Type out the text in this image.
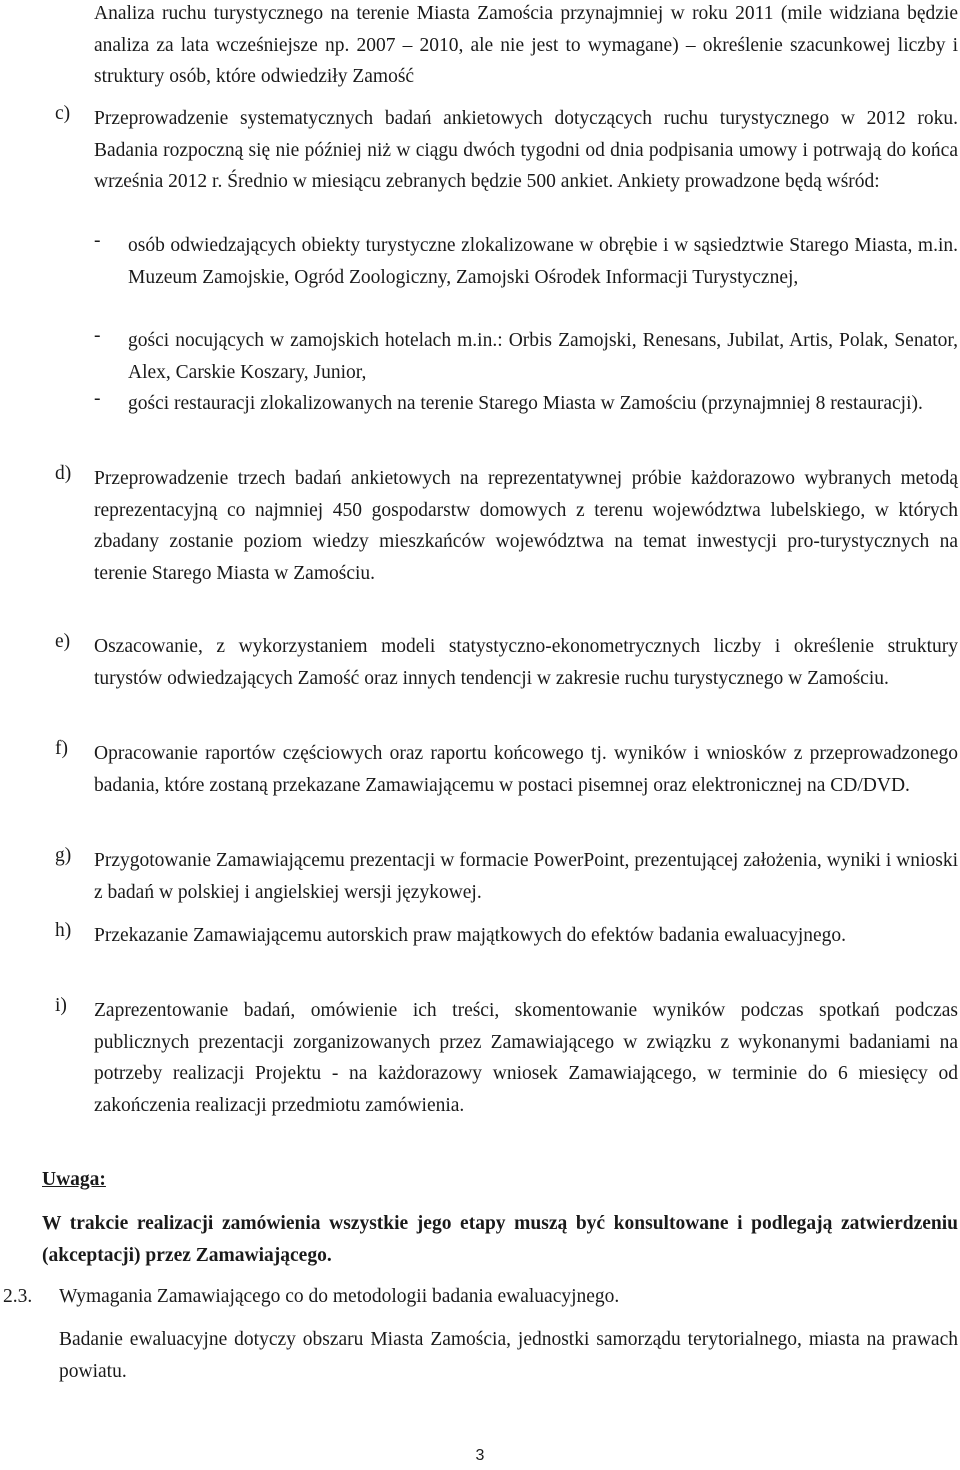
Analiza ruchu turystycznego na terenie Miasta Zamościa przynajmniej w roku 2011 (mile widziana będzie analiza za lata wcześniejsze np. 2007 – 2010, ale nie jest to wymagane) – określenie szacunkowej liczby i struktury osób, które odwiedziły Zamość
c)	Przeprowadzenie systematycznych badań ankietowych dotyczących ruchu turystycznego w 2012 roku. Badania rozpoczną się nie później niż w ciągu dwóch tygodni od dnia podpisania umowy i potrwają do końca września 2012 r. Średnio w miesiącu zebranych będzie 500 ankiet. Ankiety prowadzone będą wśród:
- osób odwiedzających obiekty turystyczne zlokalizowane w obrębie i w sąsiedztwie Starego Miasta, m.in. Muzeum Zamojskie, Ogród Zoologiczny, Zamojski Ośrodek Informacji Turystycznej,
- gości nocujących w zamojskich hotelach m.in.: Orbis Zamojski, Renesans, Jubilat, Artis, Polak, Senator, Alex, Carskie Koszary, Junior,
- gości restauracji zlokalizowanych na terenie Starego Miasta w Zamościu (przynajmniej 8 restauracji).
d)	Przeprowadzenie trzech badań ankietowych na reprezentatywnej próbie każdorazowo wybranych metodą reprezentacyjną co najmniej 450 gospodarstw domowych z terenu województwa lubelskiego, w których zbadany zostanie poziom wiedzy mieszkańców województwa na temat inwestycji pro-turystycznych na terenie Starego Miasta w Zamościu.
e)	Oszacowanie, z wykorzystaniem modeli statystyczno-ekonometrycznych liczby i określenie struktury turystów odwiedzających Zamość oraz innych tendencji w zakresie ruchu turystycznego w Zamościu.
f)	Opracowanie raportów częściowych oraz raportu końcowego tj. wyników i wniosków z przeprowadzonego badania, które zostaną przekazane Zamawiającemu w postaci pisemnej oraz elektronicznej na CD/DVD.
g)	Przygotowanie Zamawiającemu prezentacji w formacie PowerPoint, prezentującej założenia, wyniki i wnioski z badań w polskiej i angielskiej wersji językowej.
h)	Przekazanie Zamawiającemu autorskich praw majątkowych do efektów badania ewaluacyjnego.
i)	Zaprezentowanie badań, omówienie ich treści, skomentowanie wyników podczas spotkań podczas publicznych prezentacji zorganizowanych przez Zamawiającego w związku z wykonanymi badaniami na potrzeby realizacji Projektu - na każdorazowy wniosek Zamawiającego, w terminie do 6 miesięcy od zakończenia realizacji przedmiotu zamówienia.
Uwaga:
W trakcie realizacji zamówienia wszystkie jego etapy muszą być konsultowane i podlegają zatwierdzeniu (akceptacji) przez Zamawiającego.
2.3. Wymagania Zamawiającego co do metodologii badania ewaluacyjnego.
Badanie ewaluacyjne dotyczy obszaru Miasta Zamościa, jednostki samorządu terytorialnego, miasta na prawach powiatu.
3
